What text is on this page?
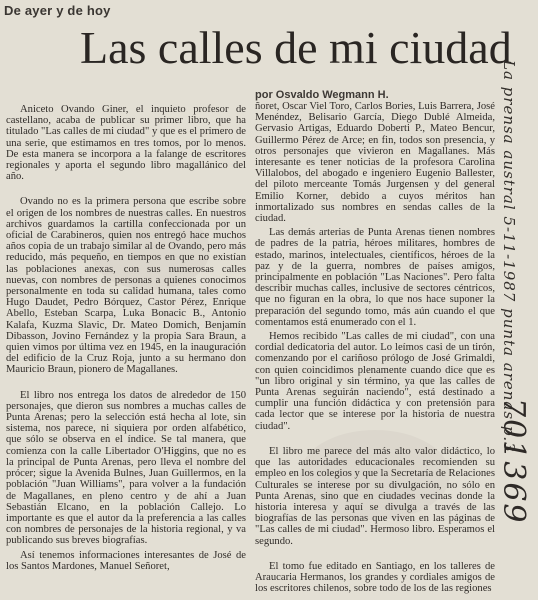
De ayer y de hoy
Las calles de mi ciudad
por Osvaldo Wegmann H.

Aniceto Ovando Giner, el inquieto profesor de castellano, acaba de publicar su primer libro, que ha titulado "Las calles de mi ciudad" y que es el primero de una serie, que estimamos en tres tomos, por lo menos. De esta manera se incorpora a la falange de escritores regionales y aporta el segundo libro magallánico del año.

Ovando no es la primera persona que escribe sobre el origen de los nombres de nuestras calles. En nuestros archivos guardamos la cartilla confeccionada por un oficial de Carabineros, quien nos entregó hace muchos años copia de un trabajo similar al de Ovando, pero más reducido, más pequeño, en tiempos en que no existían las poblaciones anexas, con sus numerosas calles nuevas, con nombres de personas a quienes conocimos personalmente en toda su calidad humana, tales como Hugo Daudet, Pedro Bórquez, Castor Pérez, Enrique Abello, Esteban Scarpa, Luka Bonacic B., Antonio Kalafa, Kuzma Slavic, Dr. Mateo Domich, Benjamín Dibasson, Jovino Fernández y la propia Sara Braun, a quien vimos por última vez en 1945, en la inauguración del edificio de la Cruz Roja, junto a su hermano don Mauricio Braun, pionero de Magallanes.

El libro nos entrega los datos de alrededor de 150 personajes, que dieron sus nombres a muchas calles de Punta Arenas; pero la selección está hecha al lote, sin sistema, nos parece, ni siquiera por orden alfabético, que sólo se observa en el índice. Se tal manera, que comienza con la calle Libertador O'Higgins, que no es la principal de Punta Arenas, pero lleva el nombre del prócer; sigue la Avenida Bulnes, Juan Guillermos, en la población "Juan Williams", para volver a la fundación de Magallanes, en pleno centro y de ahí a Juan Sebastián Elcano, en la población Callejo. Lo importante es que el autor da la preferencia a las calles con nombres de personajes de la historia regional, y va publicando sus breves biografías.

Así tenemos informaciones interesantes de José de los Santos Mardones, Manuel Señoret,

ñoret, Oscar Viel Toro, Carlos Bories, Luis Barrera, José Menéndez, Belisario García, Diego Dublé Almeida, Gervasio Artigas, Eduardo Doberti P., Mateo Bencur, Guillermo Pérez de Arce; en fin, todos son presencia, y otros personajes que vivieron en Magallanes. Más interesante es tener noticias de la profesora Carolina Villalobos, del abogado e ingeniero Eugenio Ballester, del piloto merceante Tomás Jurgensen y del general Emilio Korner, debido a cuyos méritos han inmortalizado sus nombres en sendas calles de la ciudad.

Las demás arterias de Punta Arenas tienen nombres de padres de la patria, héroes militares, hombres de estado, marinos, intelectuales, científicos, héroes de la paz y de la guerra, nombres de países amigos, principalmente en población "Las Naciones". Pero falta describir muchas calles, inclusive de sectores céntricos, que no figuran en la obra, lo que nos hace suponer la preparación del segundo tomo, más aún cuando el que comentamos está enumerado con el 1.

Hemos recibido "Las calles de mi ciudad", con una cordial dedicatoria del autor. Lo leímos casi de un tirón, comenzando por el cariñoso prólogo de José Grimaldi, con quien coincidimos plenamente cuando dice que es "un libro original y sin término, ya que las calles de Punta Arenas seguirán naciendo", está destinado a cumplir una función didáctica y con pretensión para cada lector que se interese por la historia de nuestra ciudad".

El libro me parece del más alto valor didáctico, lo que las autoridades educacionales recomienden su empleo en los colegios y que la Secretaría de Relaciones Culturales se interese por su divulgación, no sólo en Punta Arenas, sino que en ciudades vecinas donde la historia interesa y aquí se divulga a través de las biografías de las personas que viven en las páginas de "Las calles de mi ciudad". Hermoso libro. Esperamos el segundo.

El tomo fue editado en Santiago, en los talleres de Araucaria Hermanos, los grandes y cordiales amigos de los escritores chilenos, sobre todo de los de las regiones

La prensa austral 5-11-1987 punta arenas p.3
701369
